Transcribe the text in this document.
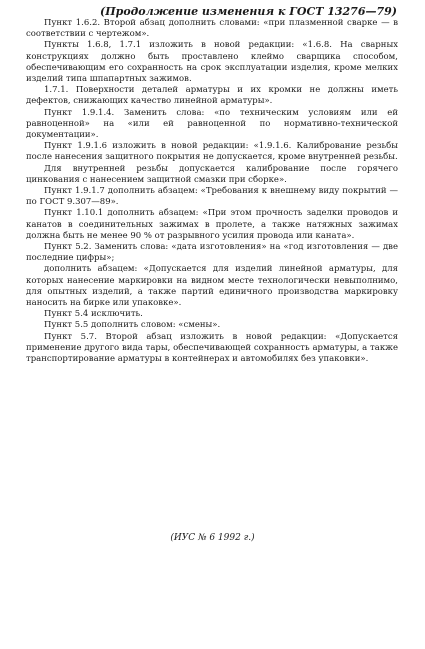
(Продолжение изменения к ГОСТ 13276—79)

Пункт 1.6.2. Второй абзац дополнить словами: «при плазменной сварке — в соответствии с чертежом».

Пункты 1.6.8, 1.7.1 изложить в новой редакции: «1.6.8. На сварных конструкциях должно быть проставлено клеймо сварщика способом, обеспечивающим его сохранность на срок эксплуатации изделия, кроме мелких изделий типа шпапартных зажимов.

1.7.1. Поверхности деталей арматуры и их кромки не должны иметь дефектов, снижающих качество линейной арматуры».

Пункт 1.9.1.4. Заменить слова: «по техническим условиям или ей равноценной» на «или ей равноценной по нормативно-технической документации».

Пункт 1.9.1.6 изложить в новой редакции: «1.9.1.6. Калибрование резьбы после нанесения защитного покрытия не допускается, кроме внутренней резьбы.

Для внутренней резьбы допускается калибрование после горячего цинкования с нанесением защитной смазки при сборке».

Пункт 1.9.1.7 дополнить абзацем: «Требования к внешнему виду покрытий — по ГОСТ 9.307—89».

Пункт 1.10.1 дополнить абзацем: «При этом прочность заделки проводов и канатов в соединительных зажимах в пролете, а также натяжных зажимах должна быть не менее 90 % от разрывного усилия провода или каната».

Пункт 5.2. Заменить слова: «дата изготовления» на «год изготовления — две последние цифры»;

дополнить абзацем: «Допускается для изделий линейной арматуры, для которых нанесение маркировки на видном месте технологически невыполнимо, для опытных изделий, а также партий единичного производства маркировку наносить на бирке или упаковке».

Пункт 5.4 исключить.

Пункт 5.5 дополнить словом: «смены».

Пункт 5.7. Второй абзац изложить в новой редакции: «Допускается применение другого вида тары, обеспечивающей сохранность арматуры, а также транспортирование арматуры в контейнерах и автомобилях без упаковки».

(ИУС № 6 1992 г.)
